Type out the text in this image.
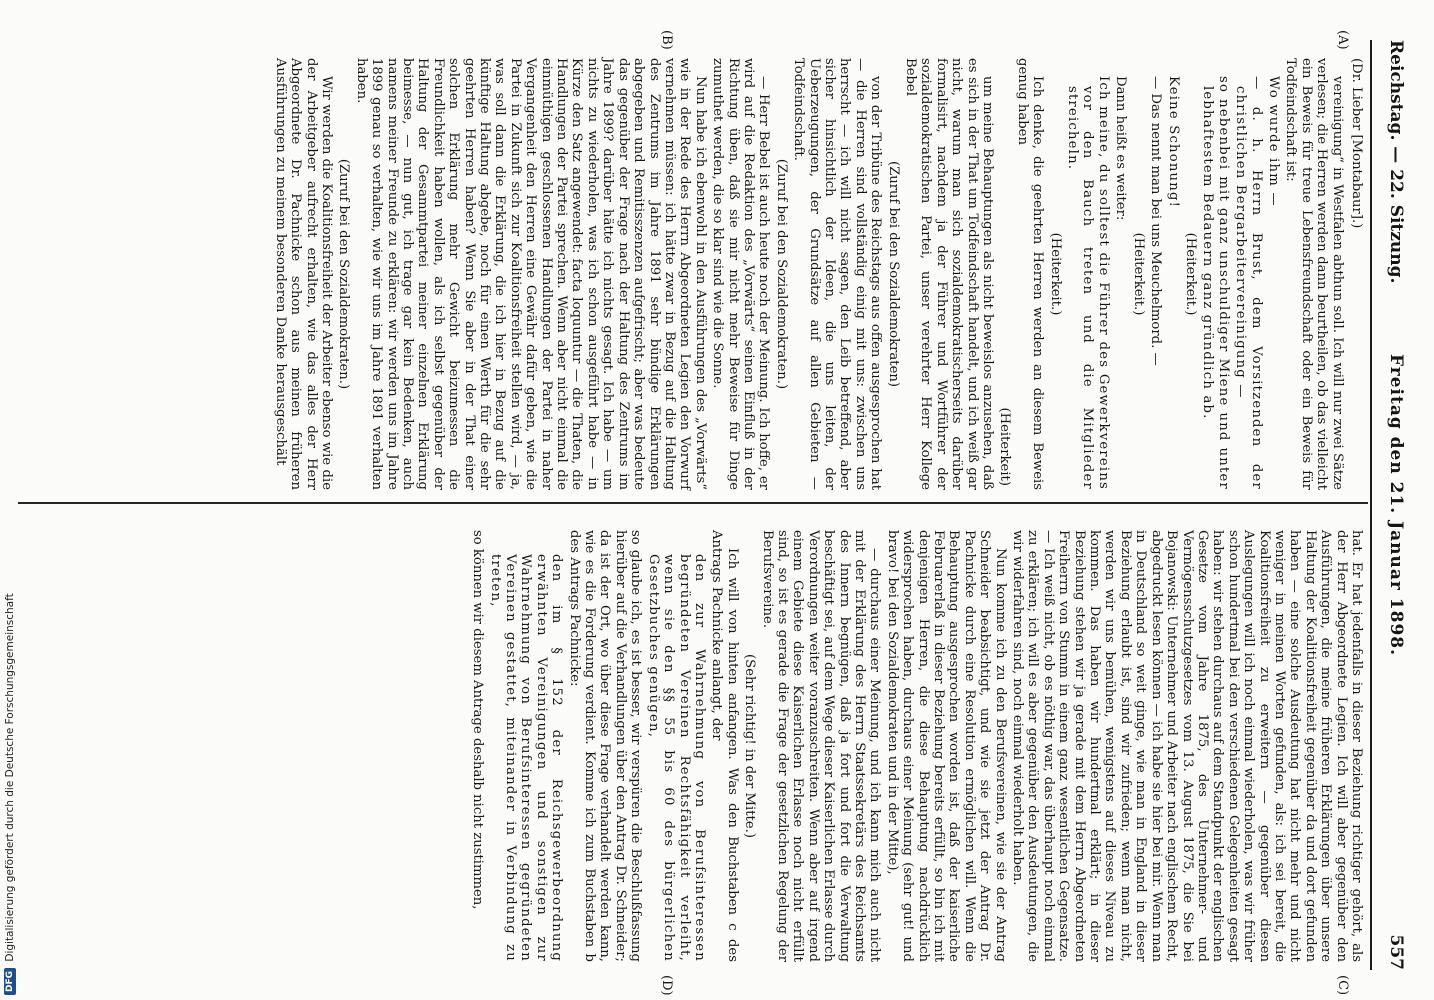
Reichstag. — 22. Sitzung.
Freitag den 21. Januar 1898.
557
(A)
(B)
(C)
(D)
(Dr. Lieber [Montabaur].)

vereinigung“ in Westfalen abthun soll. Ich will nur zwei Sätze verlesen; die Herren werden dann beurtheilen, ob das vielleicht ein Beweis für treue Lebensfreundschaft oder ein Beweis für Todfeindschaft ist:

Wo wurde ihm —

— d. h. Herrn Brust, dem Vorsitzenden der christlichen Bergarbeitervereinigung —

so nebenbei mit ganz unschuldiger Miene und unter lebhaftestem Bedauern ganz gründlich ab.

(Heiterkeit.)

Keine Schonung!

— Das nennt man bei uns Meuchelmord. —

(Heiterkeit.)

Dann heißt es weiter:

Ich meine, du solltest die Führer des Gewerkvereins vor den Bauch treten und die Mitglieder streicheln.

(Heiterkeit.)

Ich denke, die geehrten Herren werden an diesem Beweis genug haben

(Heiterkeit)

um meine Behauptungen als nicht beweislos anzusehen, daß es sich in der That um Todfeindschaft handelt, und ich weiß gar nicht, warum man sich sozialdemokratischerseits darüber formalisirt, nachdem ja der Führer und Wortführer der sozialdemokratischen Partei, unser verehrter Herr Kollege Bebel

(Zuruf bei den Sozialdemokraten)

von der Tribüne des Reichstags aus offen ausgesprochen hat — die Herren sind vollständig einig mit uns: zwischen uns herrscht — ich will nicht sagen, den Leib betreffend, aber sicher hinsichtlich der Ideen, die uns leiten, der Ueberzeugungen, der Grundsätze auf allen Gebieten — Todfeindschaft.

(Zuruf bei den Sozialdemokraten.)

— Herr Bebel ist auch heute noch der Meinung. Ich hoffe, er wird auf die Redaktion des „Vorwärts“ seinen Einfluß in der Richtung üben, daß sie mir nicht mehr Beweise für Dinge zumuthet werden, die so klar sind wie die Sonne.

Nun habe ich ebenwohl in den Ausführungen des „Vorwärts“ wie in der Rede des Herrn Abgeordneten Legien den Vorwurf vernehmen müssen: ich hätte zwar in Bezug auf die Haltung des Zentrums im Jahre 1891 sehr bündige Erklärungen abgegeben und Remitisszenzen aufgefrischt; aber was bedeute das gegenüber der Frage nach der Haltung des Zentrums im Jahre 1899? darüber hätte ich nichts gesagt. Ich habe — um nichts zu wiederholen, was ich schon ausgeführt habe — in Kürze den Satz angewendet: facta loquuntur — die Thaten, die Handlungen der Partei sprechen. Wenn aber nicht einmal die einmüthigen geschlossenen Handlungen der Partei in naher Vergangenheit den Herren eine Gewähr dafür geben, wie die Partei in Zukunft sich zur Koalitionsfreiheit stellen wird, — ja, was soll dann die Erklärung, die ich hier in Bezug auf die künftige Haltung abgebe, noch für einen Werth für die sehr geehrten Herren haben? Wenn Sie aber in der That einer solchen Erklärung mehr Gewicht beizumessen die Freundlichkeit haben wollen, als ich selbst gegenüber der Haltung der Gesammtpartei meiner einzelnen Erklärung beimesse, — nun gut, ich trage gar kein Bedenken, auch namens meiner Freunde zu erklären: wir werden uns im Jahre 1899 genau so verhalten, wie wir uns im Jahre 1891 verhalten haben.

(Zuruf bei den Sozialdemokraten.)

Wir werden die Koalitionsfreiheit der Arbeiter ebenso wie die der Arbeitgeber aufrecht erhalten, wie das alles der Herr Abgeordnete Dr. Pachnicke schon aus meinen früheren Ausführungen zu meinem besonderen Danke herausgeschält

hat. Er hat jedenfalls in dieser Beziehung richtiger gehört, als der Herr Abgeordnete Legien. Ich will aber gegenüber den Ausführungen, die meine früheren Erklärungen über unsere Haltung der Koalitionsfreiheit gegenüber da und dort gefunden haben — eine solche Ausdeutung hat nicht mehr und nicht weniger in meinen Worten gefunden, als: ich sei bereit, die Koalitionsfreiheit zu erweitern — gegenüber diesen Auslegungen will ich noch einmal wiederholen, was wir früher schon hundertmal bei den verschiedenen Gelegenheiten gesagt haben: wir stehen durchaus auf dem Standpunkt der englischen Gesetze vom Jahre 1875, des Unternehmer- und Vermögensschutzgesetzes vom 13. August 1875, die Sie bei Bojanowski: Unternehmer und Arbeiter nach englischem Recht, abgedruckt lesen können — ich habe sie hier bei mir. Wenn man in Deutschland so weit ginge, wie man in England in dieser Beziehung erlaubt ist, sind wir zufrieden; wenn man nicht, werden wir uns bemühen, wenigstens auf dieses Niveau zu kommen. Das haben wir hundertmal erklärt; in dieser Beziehung stehen wir ja gerade mit dem Herrn Abgeordneten Freiherrn von Stumm in einem ganz wesentlichen Gegensatze. — Ich weiß nicht, ob es nöthig war, das überhaupt noch einmal zu erklären; ich will es aber gegenüber den Ausdeutungen, die wir widerfahren sind, noch einmal wiederholt haben.

Nun komme ich zu den Berufsvereinen, wie sie der Antrag Schneider beabsichtigt, und wie sie jetzt der Antrag Dr. Pachnicke durch eine Resolution ermöglichen will. Wenn die Behauptung ausgesprochen worden ist, daß der kaiserliche Februarerlaß in dieser Beziehung bereits erfüllt, so bin ich mit denjenigen Herren, die diese Behauptung nachdrücklich widersprochen haben, durchaus einer Meinung (sehr gut! und bravo! bei den Sozialdemokraten und in der Mitte),

— durchaus einer Meinung, und ich kann mich auch nicht mit der Erklärung des Herrn Staatssekretärs des Reichsamts des Innern begnügen, daß ja fort und fort die Verwaltung beschäftigt sei, auf dem Wege dieser Kaiserlichen Erlasse durch Verordnungen weiter voranzuschreiten. Wenn aber auf irgend einem Gebiete diese Kaiserlichen Erlasse noch nicht erfüllt sind, so ist es gerade die Frage der gesetzlichen Regelung der Berufsvereine.

(Sehr richtig! in der Mitte.)

Ich will von hinten anfangen. Was den Buchstaben c des Antrags Pachnicke anlangt, der

den zur Wahrnehmung von Berufsinteressen begründeten Vereinen Rechtsfähigkeit verleiht, wenn sie den §§ 55 bis 60 des bürgerlichen Gesetzbuches genügen,

so glaube ich, es ist besser, wir verspüren die Beschlußfassung hierüber auf die Verhandlungen über den Antrag Dr. Schneider; da ist der Ort, wo über diese Frage verhandelt werden kann, wie es die Forderung verdient. Komme ich zum Buchstaben b des Antrags Pachnicke:

den im § 152 der Reichsgewerbeordnung erwähnten Vereinigungen und sonstigen zur Wahrnehmung von Berufsinteressen gegründeten Vereinen gestattet, miteinander in Verbindung zu treten,

so können wir diesem Antrage deshalb nicht zustimmen,

DFG Digitalisierung gefördert durch die Deutsche Forschungsgemeinschaft
